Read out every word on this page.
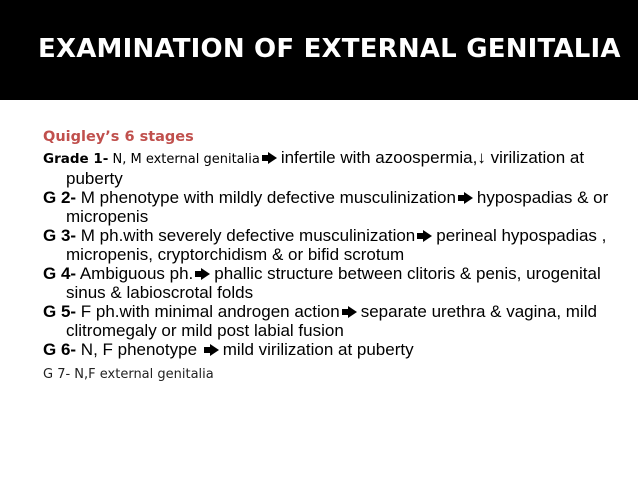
EXAMINATION OF EXTERNAL GENITALIA
Quigley’s 6 stages

Grade 1- N, M external genitalia infertile with azoospermia,↓ virilization at puberty

G 2- M phenotype with mildly defective musculinization hypospadias & or micropenis

G 3- M ph.with severely defective musculinization perineal hypospadias , micropenis, cryptorchidism & or bifid scrotum

G 4- Ambiguous ph. phallic structure between clitoris & penis, urogenital sinus & labioscrotal folds

G 5- F ph.with minimal androgen action separate urethra & vagina, mild clitromegaly or mild post labial fusion

G 6- N, F phenotype mild virilization at puberty

G 7- N,F external genitalia
